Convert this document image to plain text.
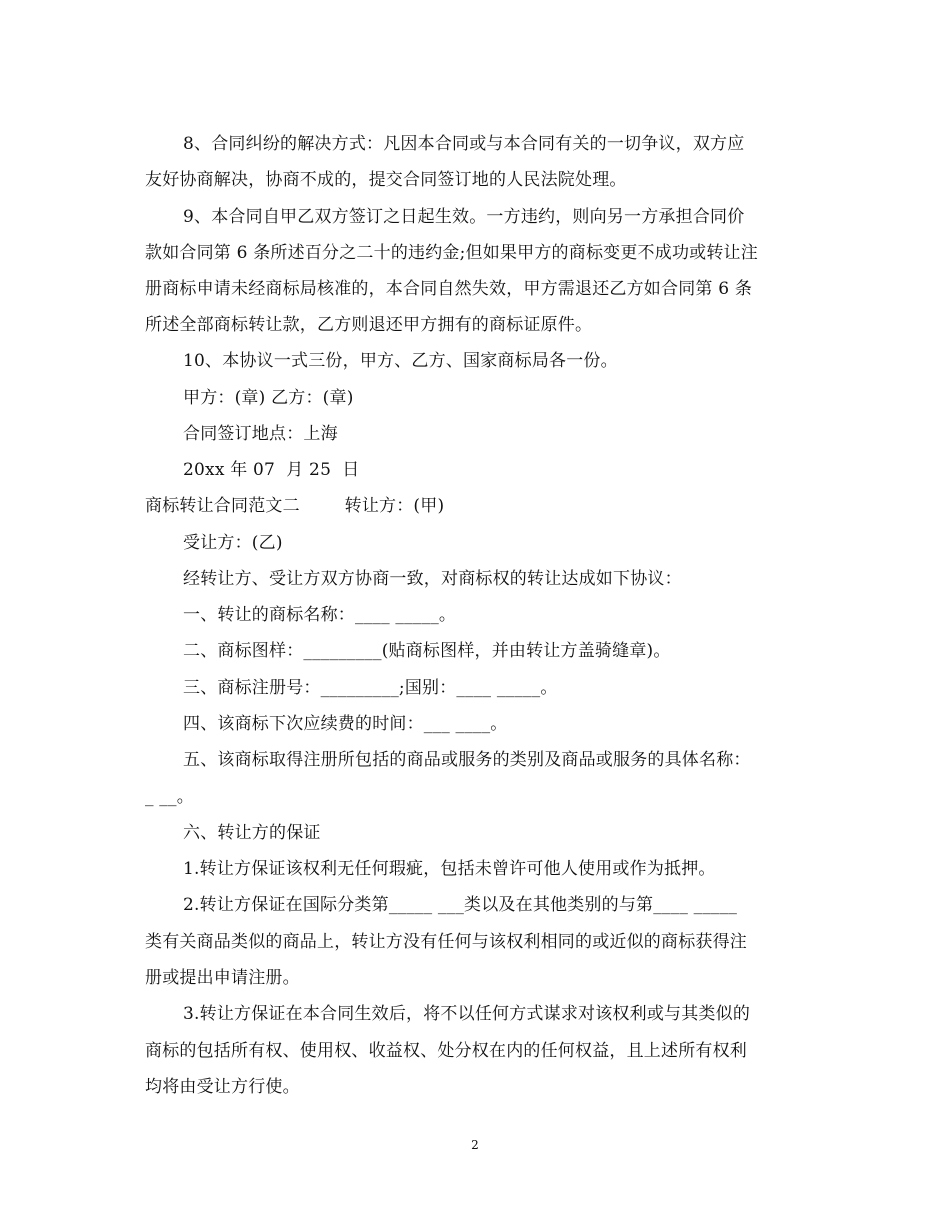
8、合同纠纷的解决方式：凡因本合同或与本合同有关的一切争议，双方应
友好协商解决，协商不成的，提交合同签订地的人民法院处理。
9、本合同自甲乙双方签订之日起生效。一方违约，则向另一方承担合同价
款如合同第 6 条所述百分之二十的违约金;但如果甲方的商标变更不成功或转让注
册商标申请未经商标局核准的，本合同自然失效，甲方需退还乙方如合同第 6 条
所述全部商标转让款，乙方则退还甲方拥有的商标证原件。
10、本协议一式三份，甲方、乙方、国家商标局各一份。
甲方：(章) 乙方：(章)
合同签订地点：上海
20xx 年 07  月 25  日
商标转让合同范文二        转让方：(甲)
受让方：(乙)
经转让方、受让方双方协商一致，对商标权的转让达成如下协议：
一、转让的商标名称：____ _____。
二、商标图样：_________(贴商标图样，并由转让方盖骑缝章)。
三、商标注册号：_________;国别：____ _____。
四、该商标下次应续费的时间：___ ____。
五、该商标取得注册所包括的商品或服务的类别及商品或服务的具体名称：
_ __。
六、转让方的保证
1.转让方保证该权利无任何瑕疵，包括未曾许可他人使用或作为抵押。
2.转让方保证在国际分类第_____ ___类以及在其他类别的与第____ _____
类有关商品类似的商品上，转让方没有任何与该权利相同的或近似的商标获得注
册或提出申请注册。
3.转让方保证在本合同生效后，将不以任何方式谋求对该权利或与其类似的
商标的包括所有权、使用权、收益权、处分权在内的任何权益，且上述所有权利
均将由受让方行使。
2
